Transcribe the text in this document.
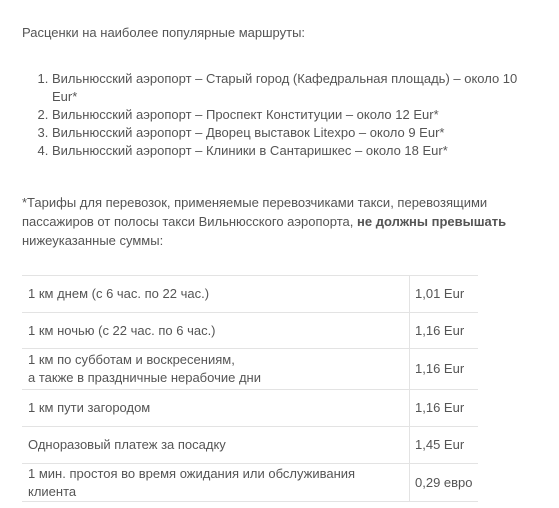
Расценки на наиболее популярные маршруты:

1. Вильнюсский аэропорт – Старый город (Кафедральная площадь) – около 10 Eur*
2. Вильнюсский аэропорт – Проспект Конституции – около 12 Eur*
3. Вильнюсский аэропорт – Дворец выставок Litexpo – около 9 Eur*
4. Вильнюсский аэропорт – Клиники в Сантаришкес – около 18 Eur*

*Тарифы для перевозок, применяемые перевозчиками такси, перевозящими пассажиров от полосы такси Вильнюсского аэропорта, не должны превышать нижеуказанные суммы:

1 км днем (с 6 час. по 22 час.)	1,01 Eur
1 км ночью (с 22 час. по 6 час.)	1,16 Eur

1 км по субботам и воскресениям,
а также в праздничные нерабочие дни	1,16 Eur
1 км пути загородом	1,16 Eur
Одноразовый платеж за посадку	1,45 Eur
1 мин. простоя во время ожидания или обслуживания клиента	0,29 евро
